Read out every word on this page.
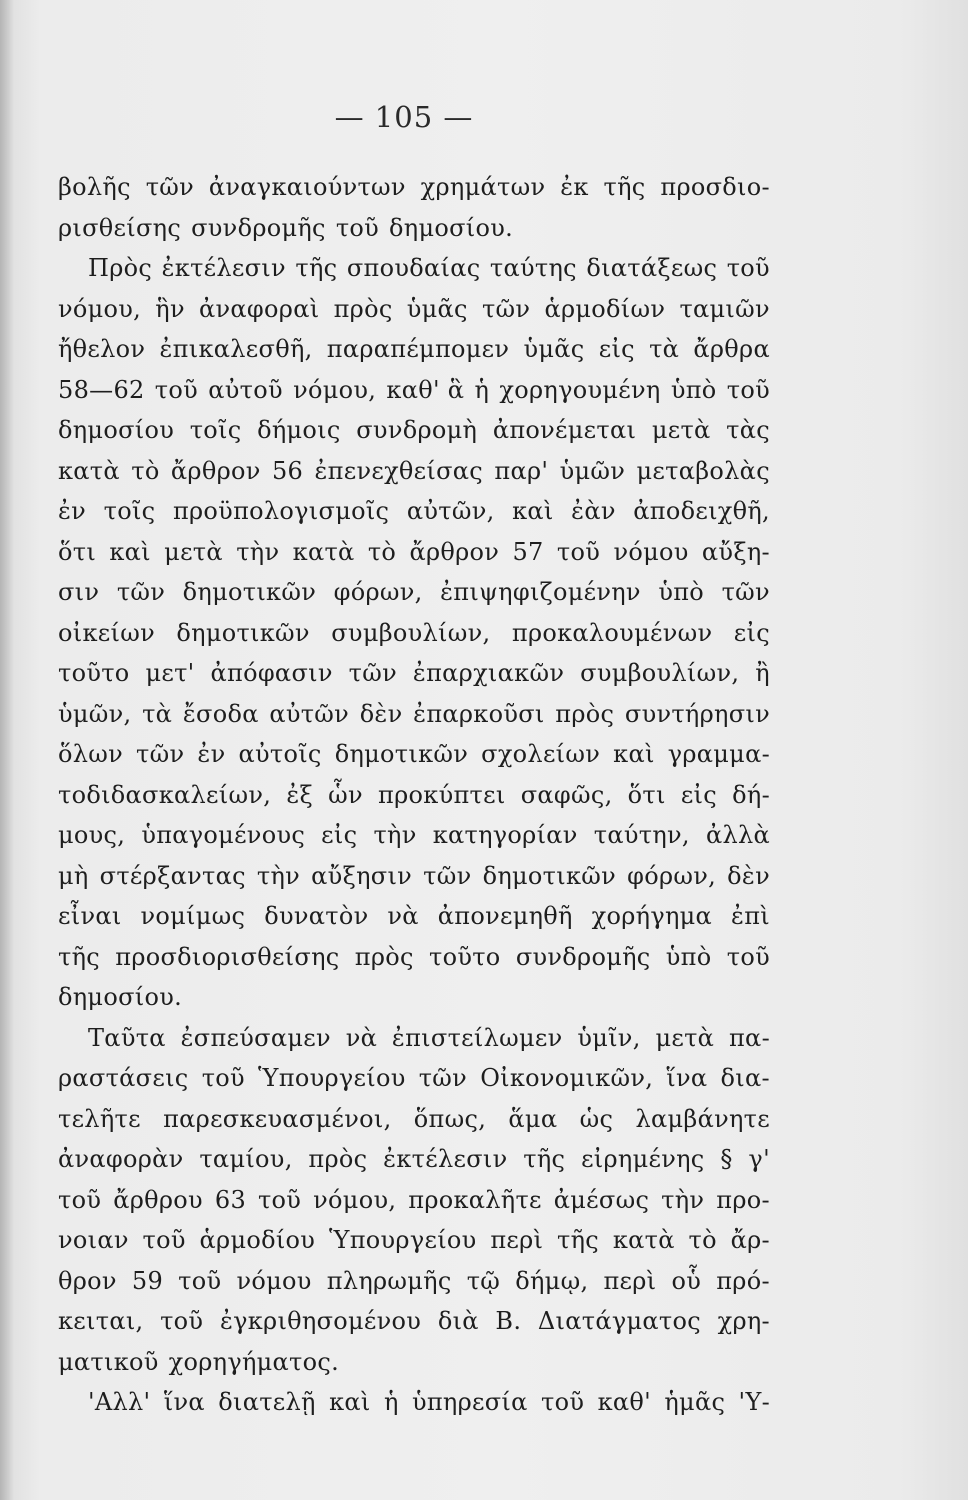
— 105 —
βολῆς τῶν ἀναγκαιούντων χρημάτων ἐκ τῆς προσδιο-
ρισθείσης συνδρομῆς τοῦ δημοσίου.
Πρὸς ἐκτέλεσιν τῆς σπουδαίας ταύτης διατάξεως τοῦ
νόμου, ἣν ἀναφοραὶ πρὸς ὑμᾶς τῶν ἁρμοδίων ταμιῶν
ἤθελον ἐπικαλεσθῆ, παραπέμπομεν ὑμᾶς εἰς τὰ ἄρθρα
58—62 τοῦ αὐτοῦ νόμου, καθ' ἃ ἡ χορηγουμένη ὑπὸ τοῦ
δημοσίου τοῖς δήμοις συνδρομὴ ἀπονέμεται μετὰ τὰς
κατὰ τὸ ἄρθρον 56 ἐπενεχθείσας παρ' ὑμῶν μεταβολὰς
ἐν τοῖς προϋπολογισμοῖς αὐτῶν, καὶ ἐὰν ἀποδειχθῆ,
ὅτι καὶ μετὰ τὴν κατὰ τὸ ἄρθρον 57 τοῦ νόμου αὔξη-
σιν τῶν δημοτικῶν φόρων, ἐπιψηφιζομένην ὑπὸ τῶν
οἰκείων δημοτικῶν συμβουλίων, προκαλουμένων εἰς
τοῦτο μετ' ἀπόφασιν τῶν ἐπαρχιακῶν συμβουλίων, ἢ
ὑμῶν, τὰ ἔσοδα αὐτῶν δὲν ἐπαρκοῦσι πρὸς συντήρησιν
ὅλων τῶν ἐν αὐτοῖς δημοτικῶν σχολείων καὶ γραμμα-
τοδιδασκαλείων, ἐξ ὧν προκύπτει σαφῶς, ὅτι εἰς δή-
μους, ὑπαγομένους εἰς τὴν κατηγορίαν ταύτην, ἀλλὰ
μὴ στέρξαντας τὴν αὔξησιν τῶν δημοτικῶν φόρων, δὲν
εἶναι νομίμως δυνατὸν νὰ ἀπονεμηθῆ χορήγημα ἐπὶ
τῆς προσδιορισθείσης πρὸς τοῦτο συνδρομῆς ὑπὸ τοῦ
δημοσίου.
Ταῦτα ἐσπεύσαμεν νὰ ἐπιστείλωμεν ὑμῖν, μετὰ πα-
ραστάσεις τοῦ Ὑπουργείου τῶν Οἰκονομικῶν, ἵνα δια-
τελῆτε παρεσκευασμένοι, ὅπως, ἅμα ὡς λαμβάνητε
ἀναφορὰν ταμίου, πρὸς ἐκτέλεσιν τῆς εἰρημένης § γ'
τοῦ ἄρθρου 63 τοῦ νόμου, προκαλῆτε ἀμέσως τὴν προ-
νοιαν τοῦ ἁρμοδίου Ὑπουργείου περὶ τῆς κατὰ τὸ ἄρ-
θρον 59 τοῦ νόμου πληρωμῆς τῷ δήμῳ, περὶ οὗ πρό-
κειται, τοῦ ἐγκριθησομένου διὰ Β. Διατάγματος χρη-
ματικοῦ χορηγήματος.
'Αλλ' ἵνα διατελῇ καὶ ἡ ὑπηρεσία τοῦ καθ' ἡμᾶς 'Υ-
